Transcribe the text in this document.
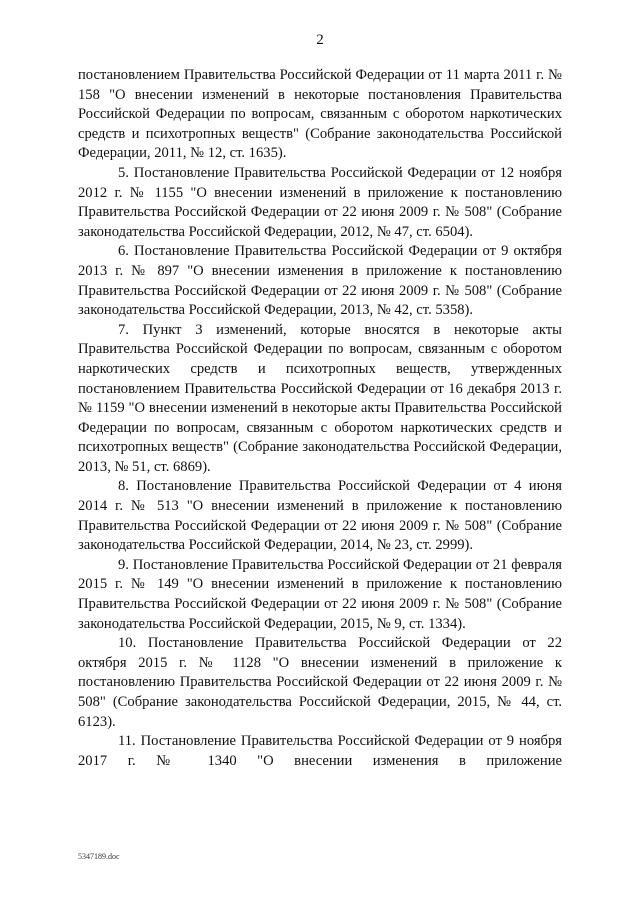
2

постановлением Правительства Российской Федерации от 11 марта 2011 г. № 158 "О внесении изменений в некоторые постановления Правительства Российской Федерации по вопросам, связанным с оборотом наркотических средств и психотропных веществ" (Собрание законодательства Российской Федерации, 2011, № 12, ст. 1635).

5. Постановление Правительства Российской Федерации от 12 ноября 2012 г. № 1155 "О внесении изменений в приложение к постановлению Правительства Российской Федерации от 22 июня 2009 г. № 508" (Собрание законодательства Российской Федерации, 2012, № 47, ст. 6504).

6. Постановление Правительства Российской Федерации от 9 октября 2013 г. № 897 "О внесении изменения в приложение к постановлению Правительства Российской Федерации от 22 июня 2009 г. № 508" (Собрание законодательства Российской Федерации, 2013, № 42, ст. 5358).

7. Пункт 3 изменений, которые вносятся в некоторые акты Правительства Российской Федерации по вопросам, связанным с оборотом наркотических средств и психотропных веществ, утвержденных постановлением Правительства Российской Федерации от 16 декабря 2013 г. № 1159 "О внесении изменений в некоторые акты Правительства Российской Федерации по вопросам, связанным с оборотом наркотических средств и психотропных веществ" (Собрание законодательства Российской Федерации, 2013, № 51, ст. 6869).

8. Постановление Правительства Российской Федерации от 4 июня 2014 г. № 513 "О внесении изменений в приложение к постановлению Правительства Российской Федерации от 22 июня 2009 г. № 508" (Собрание законодательства Российской Федерации, 2014, № 23, ст. 2999).

9. Постановление Правительства Российской Федерации от 21 февраля 2015 г. № 149 "О внесении изменений в приложение к постановлению Правительства Российской Федерации от 22 июня 2009 г. № 508" (Собрание законодательства Российской Федерации, 2015, № 9, ст. 1334).

10. Постановление Правительства Российской Федерации от 22 октября 2015 г. № 1128 "О внесении изменений в приложение к постановлению Правительства Российской Федерации от 22 июня 2009 г. № 508" (Собрание законодательства Российской Федерации, 2015, № 44, ст. 6123).

11. Постановление Правительства Российской Федерации от 9 ноября 2017 г. № 1340 "О внесении изменения в приложение

5347189.doc
